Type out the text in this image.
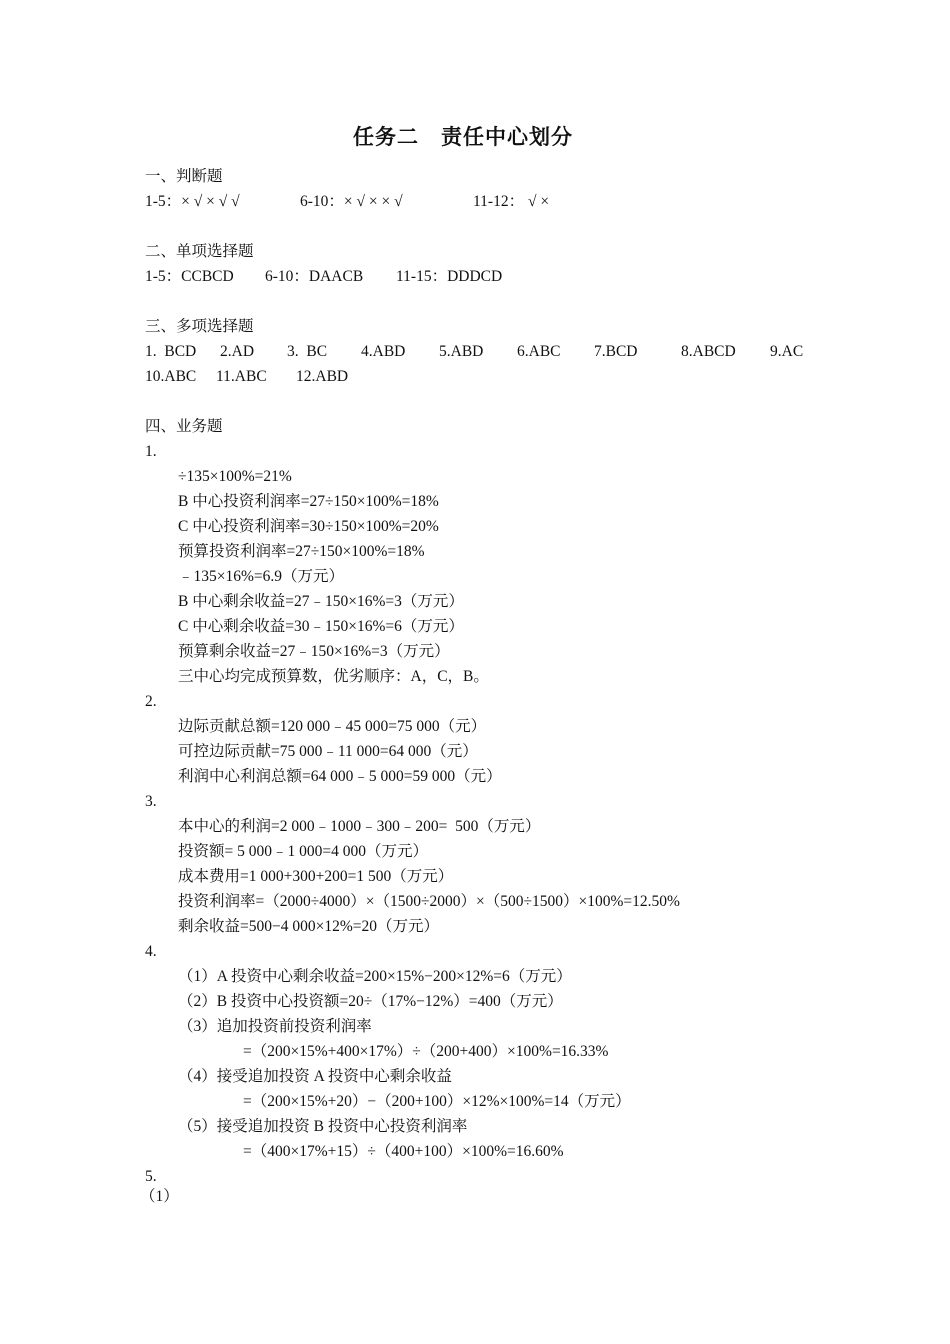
任务二　责任中心划分
一、判断题
1-5：× √ × √ √	6-10：× √ × × √	11-12： √ ×
二、单项选择题
1-5：CCBCD 6-10：DAACB 11-15：DDDCD
三、多项选择题
1.  BCD 2.AD 3.  BC 4.ABD 5.ABD 6.ABC 7.BCD	8.ABCD 9.AC
10.ABC 11.ABC 12.ABD
四、业务题
1.
÷135×100%=21%
B 中心投资利润率=27÷150×100%=18%
C 中心投资利润率=30÷150×100%=20%
预算投资利润率=27÷150×100%=18%
﹣135×16%=6.9（万元）
B 中心剩余收益=27﹣150×16%=3（万元）
C 中心剩余收益=30﹣150×16%=6（万元）
预算剩余收益=27﹣150×16%=3（万元）
三中心均完成预算数，优劣顺序：A，C，B。
2.
边际贡献总额=120 000﹣45 000=75 000（元）
可控边际贡献=75 000﹣11 000=64 000（元）
利润中心利润总额=64 000﹣5 000=59 000（元）
3.
本中心的利润=2 000﹣1000﹣300﹣200=  500（万元）
投资额= 5 000﹣1 000=4 000（万元）
成本费用=1 000+300+200=1 500（万元）
投资利润率=（2000÷4000）×（1500÷2000）×（500÷1500）×100%=12.50%
剩余收益=500−4 000×12%=20（万元）
4.
（1）A 投资中心剩余收益=200×15%−200×12%=6（万元）
（2）B 投资中心投资额=20÷（17%−12%）=400（万元）
（3）追加投资前投资利润率
=（200×15%+400×17%）÷（200+400）×100%=16.33%
（4）接受追加投资 A 投资中心剩余收益
=（200×15%+20）−（200+100）×12%×100%=14（万元）
（5）接受追加投资 B 投资中心投资利润率
=（400×17%+15）÷（400+100）×100%=16.60%
5.
（1）
